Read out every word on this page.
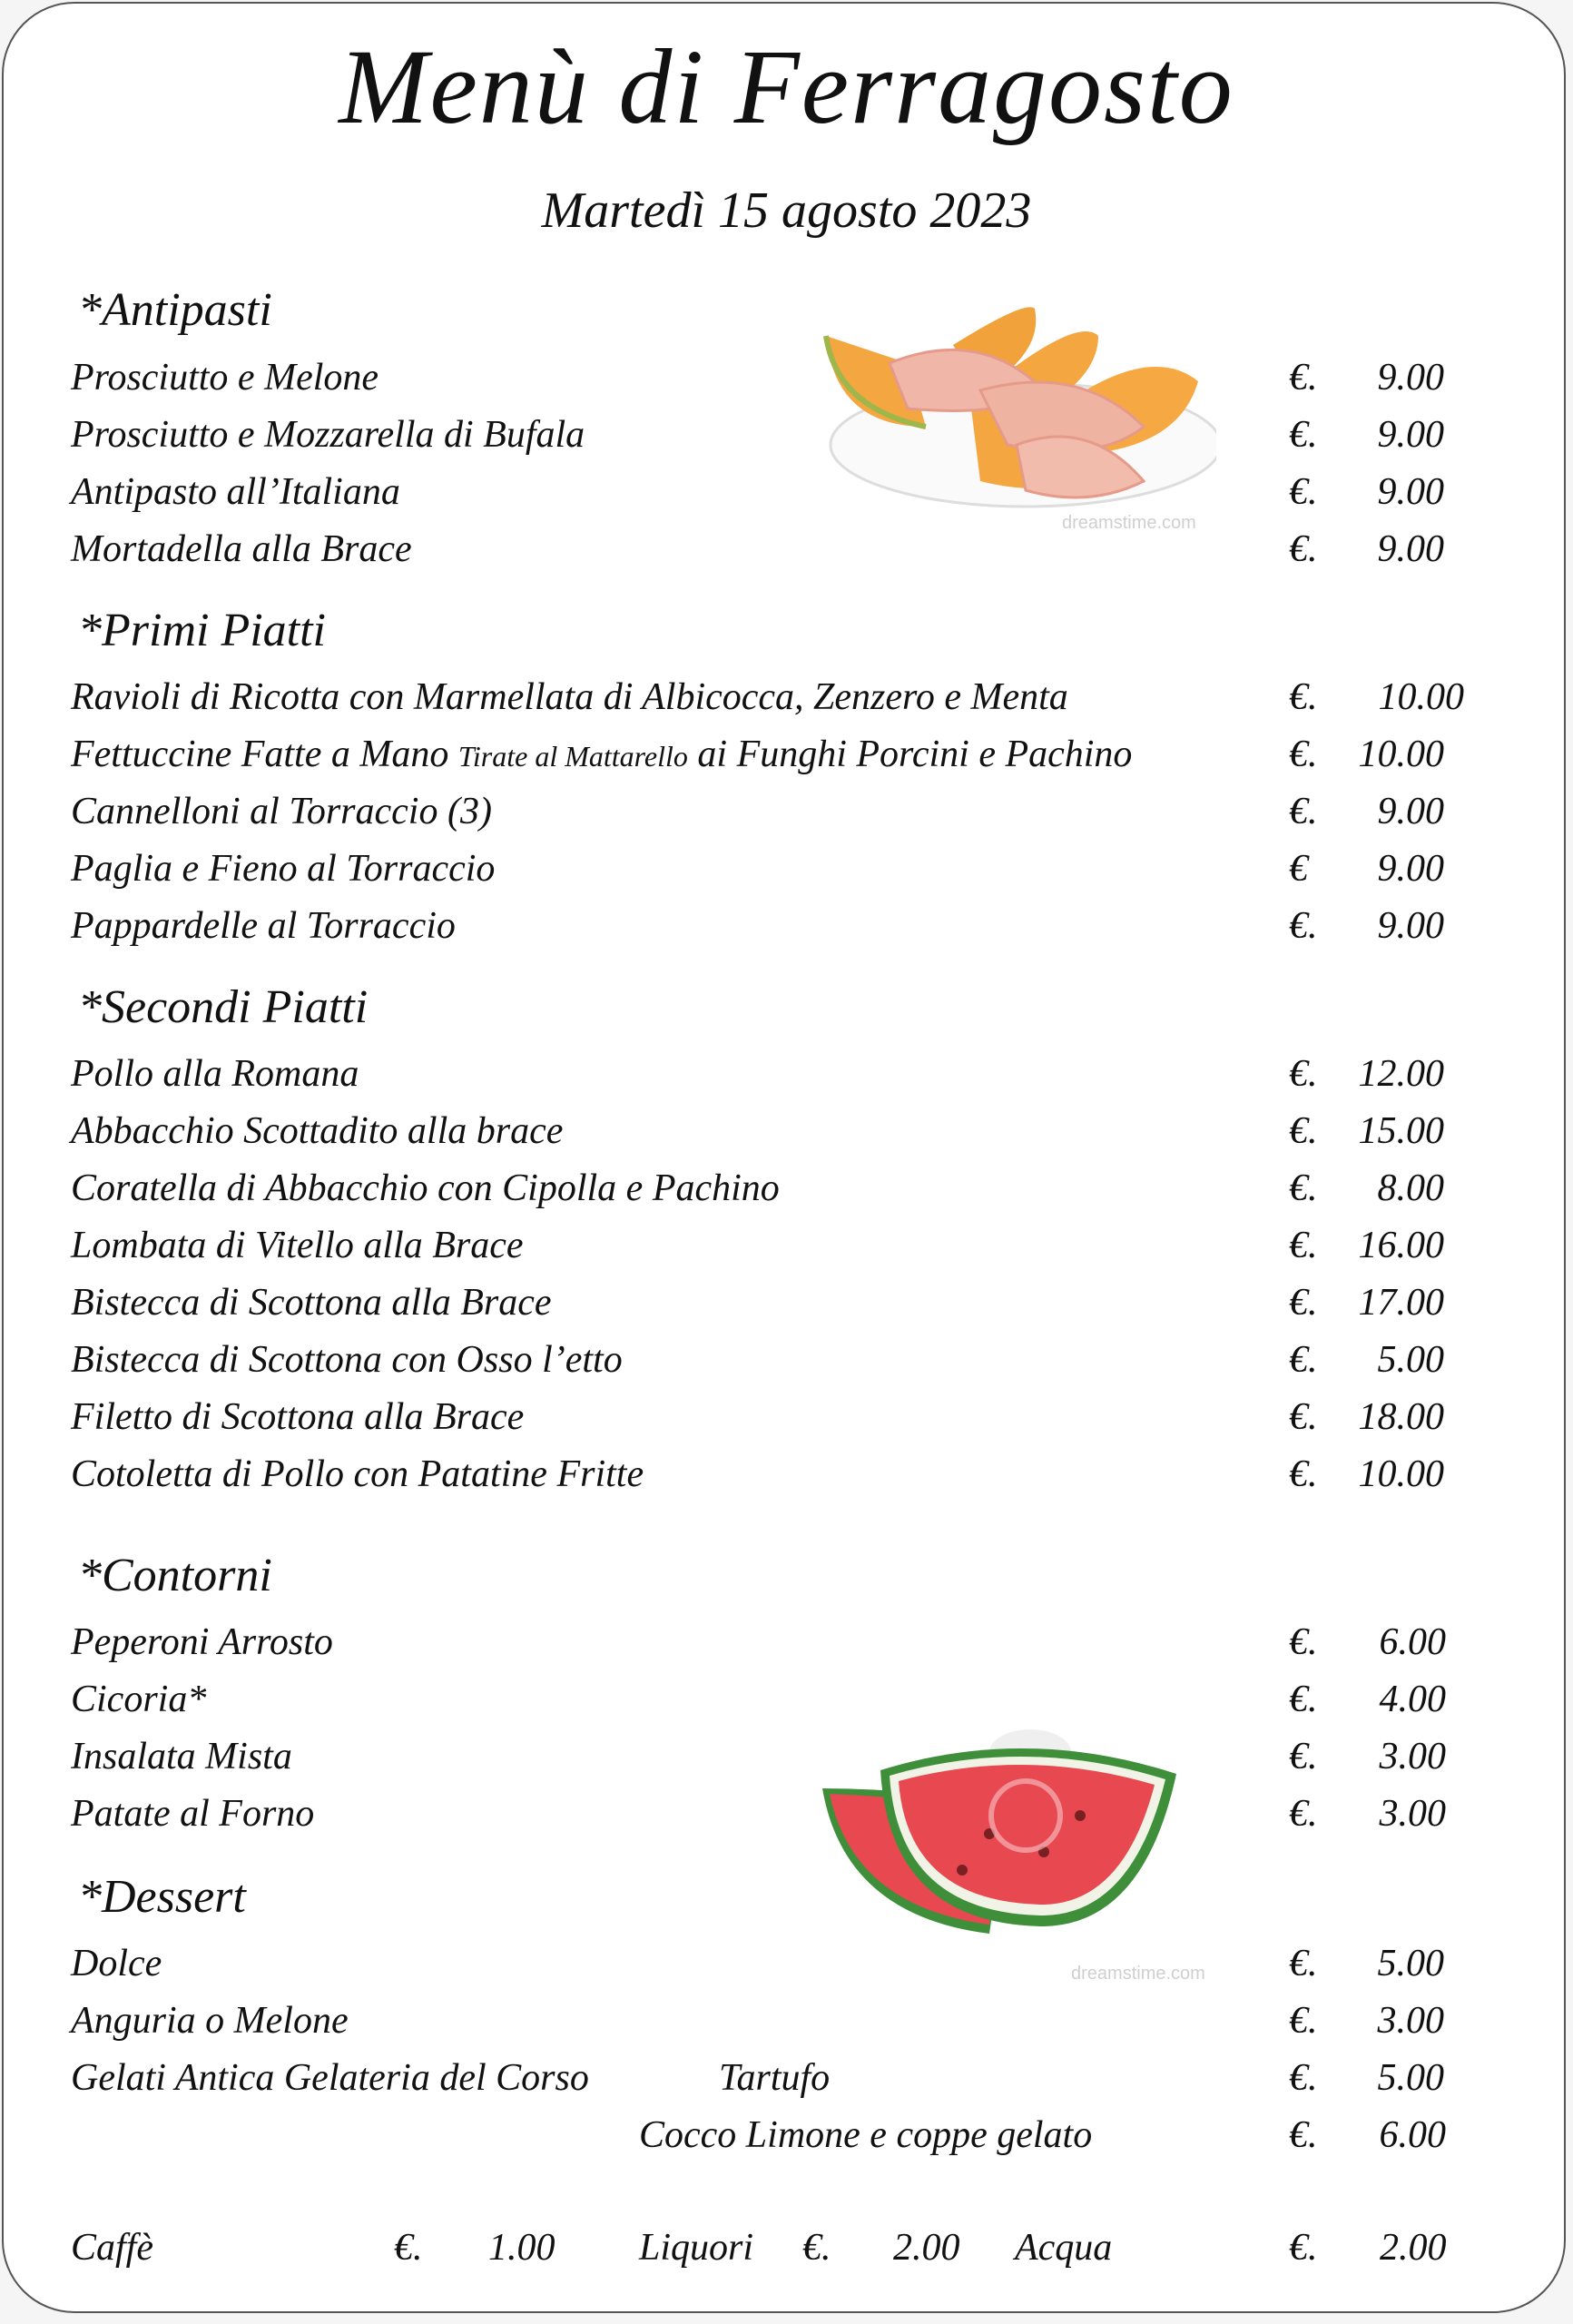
Menù di Ferragosto
Martedì 15 agosto 2023
*Antipasti
Prosciutto e Melone	€.	9.00
Prosciutto e Mozzarella di Bufala	€.	9.00
Antipasto all’Italiana	€.	9.00
Mortadella alla Brace	€.	9.00
dreamstime.com
*Primi Piatti
Ravioli di Ricotta con Marmellata di Albicocca, Zenzero e Menta	€.	10.00
Fettuccine Fatte a Mano Tirate al Mattarello ai Funghi Porcini e Pachino	€.	10.00
Cannelloni al Torraccio (3)	€.	9.00
Paglia e Fieno al Torraccio	€	9.00
Pappardelle al Torraccio	€.	9.00
*Secondi Piatti
Pollo alla Romana	€.	12.00
Abbacchio Scottadito alla brace	€.	15.00
Coratella di Abbacchio con Cipolla e Pachino	€.	8.00
Lombata di Vitello alla Brace	€.	16.00
Bistecca di Scottona alla Brace	€.	17.00
Bistecca di Scottona con Osso l’etto	€.	5.00
Filetto di Scottona alla Brace	€.	18.00
Cotoletta di Pollo con Patatine Fritte	€.	10.00
*Contorni
Peperoni Arrosto	€.	6.00
Cicoria*	€.	4.00
Insalata Mista	€.	3.00
Patate al Forno	€.	3.00
dreamstime.com
*Dessert
Dolce	€.	5.00
Anguria o Melone	€.	3.00
Gelati Antica Gelateria del Corso	Tartufo	€.	5.00
Cocco Limone e coppe gelato	€.	6.00
Caffè	€. 1.00 Liquori €. 2.00 Acqua	€. 2.00
